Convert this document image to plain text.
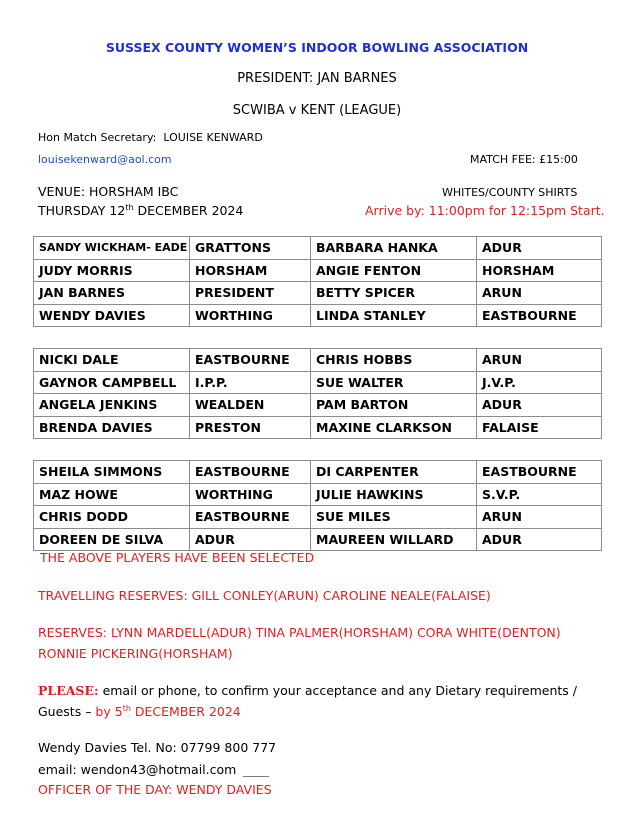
SUSSEX COUNTY WOMEN’S INDOOR BOWLING ASSOCIATION
PRESIDENT: JAN BARNES
SCWIBA v KENT (LEAGUE)
Hon Match Secretary: LOUISE KENWARD
louisekenward@aol.com	MATCH FEE: £15:00
VENUE: HORSHAM IBC
THURSDAY 12th DECEMBER 2024
WHITES/COUNTY SHIRTS
Arrive by: 11:00pm for 12:15pm Start.
SANDY WICKHAM- EADE	GRATTONS	BARBARA HANKA	ADUR
JUDY MORRIS	HORSHAM	ANGIE FENTON	HORSHAM
JAN BARNES	PRESIDENT	BETTY SPICER	ARUN
WENDY DAVIES	WORTHING	LINDA STANLEY	EASTBOURNE
NICKI DALE	EASTBOURNE	CHRIS HOBBS	ARUN
GAYNOR CAMPBELL	I.P.P.	SUE WALTER	J.V.P.
ANGELA JENKINS	WEALDEN	PAM BARTON	ADUR
BRENDA DAVIES	PRESTON	MAXINE CLARKSON	FALAISE
SHEILA SIMMONS	EASTBOURNE	DI CARPENTER	EASTBOURNE
MAZ HOWE	WORTHING	JULIE HAWKINS	S.V.P.
CHRIS DODD	EASTBOURNE	SUE MILES	ARUN
DOREEN DE SILVA	ADUR	MAUREEN WILLARD	ADUR
THE ABOVE PLAYERS HAVE BEEN SELECTED
TRAVELLING RESERVES: GILL CONLEY(ARUN) CAROLINE NEALE(FALAISE)
RESERVES: LYNN MARDELL(ADUR) TINA PALMER(HORSHAM) CORA WHITE(DENTON)
RONNIE PICKERING(HORSHAM)
PLEASE: email or phone, to confirm your acceptance and any Dietary requirements /
Guests – by 5th DECEMBER 2024
Wendy Davies Tel. No: 07799 800 777
email: wendon43@hotmail.com
OFFICER OF THE DAY: WENDY DAVIES
